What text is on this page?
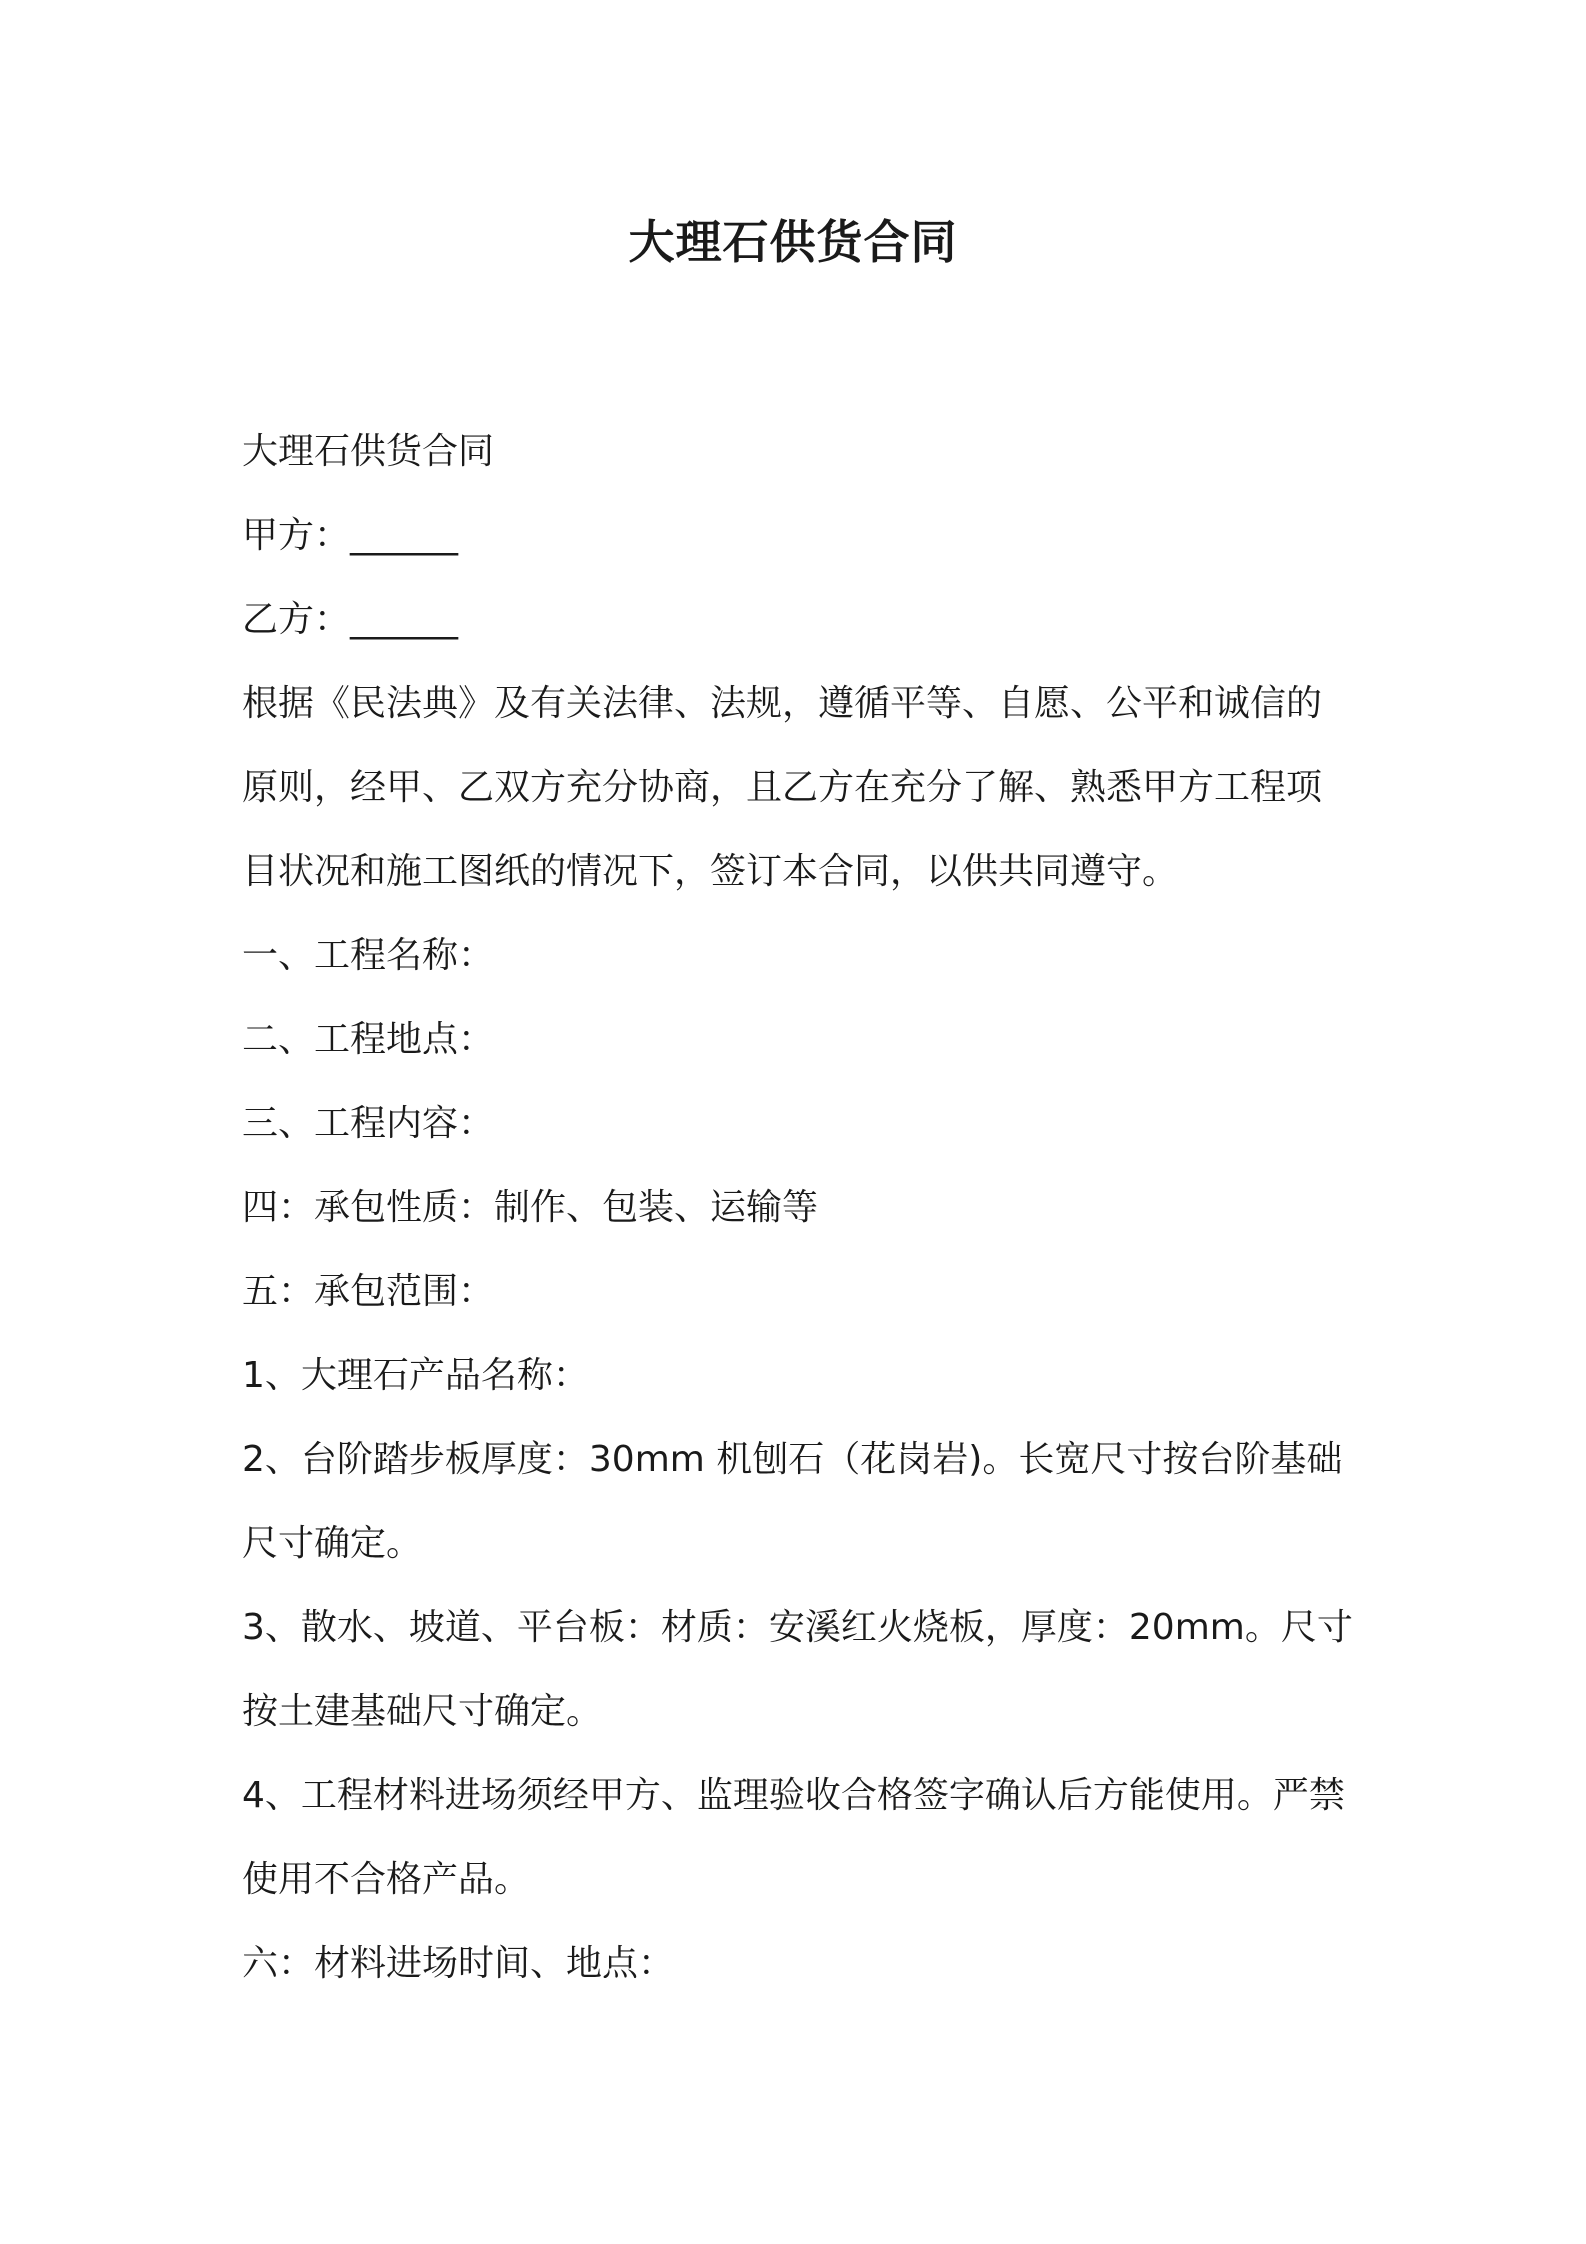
大理石供货合同

大理石供货合同

甲方：______

乙方：______

根据《民法典》及有关法律、法规，遵循平等、自愿、公平和诚信的原则，经甲、乙双方充分协商，且乙方在充分了解、熟悉甲方工程项目状况和施工图纸的情况下，签订本合同，以供共同遵守。

一、工程名称：

二、工程地点：

三、工程内容：

四：承包性质：制作、包装、运输等

五：承包范围：

1、大理石产品名称：

2、台阶踏步板厚度：30mm 机刨石（花岗岩)。长宽尺寸按台阶基础尺寸确定。

3、散水、坡道、平台板：材质：安溪红火烧板，厚度：20mm。尺寸按土建基础尺寸确定。

4、工程材料进场须经甲方、监理验收合格签字确认后方能使用。严禁使用不合格产品。

六：材料进场时间、地点：
